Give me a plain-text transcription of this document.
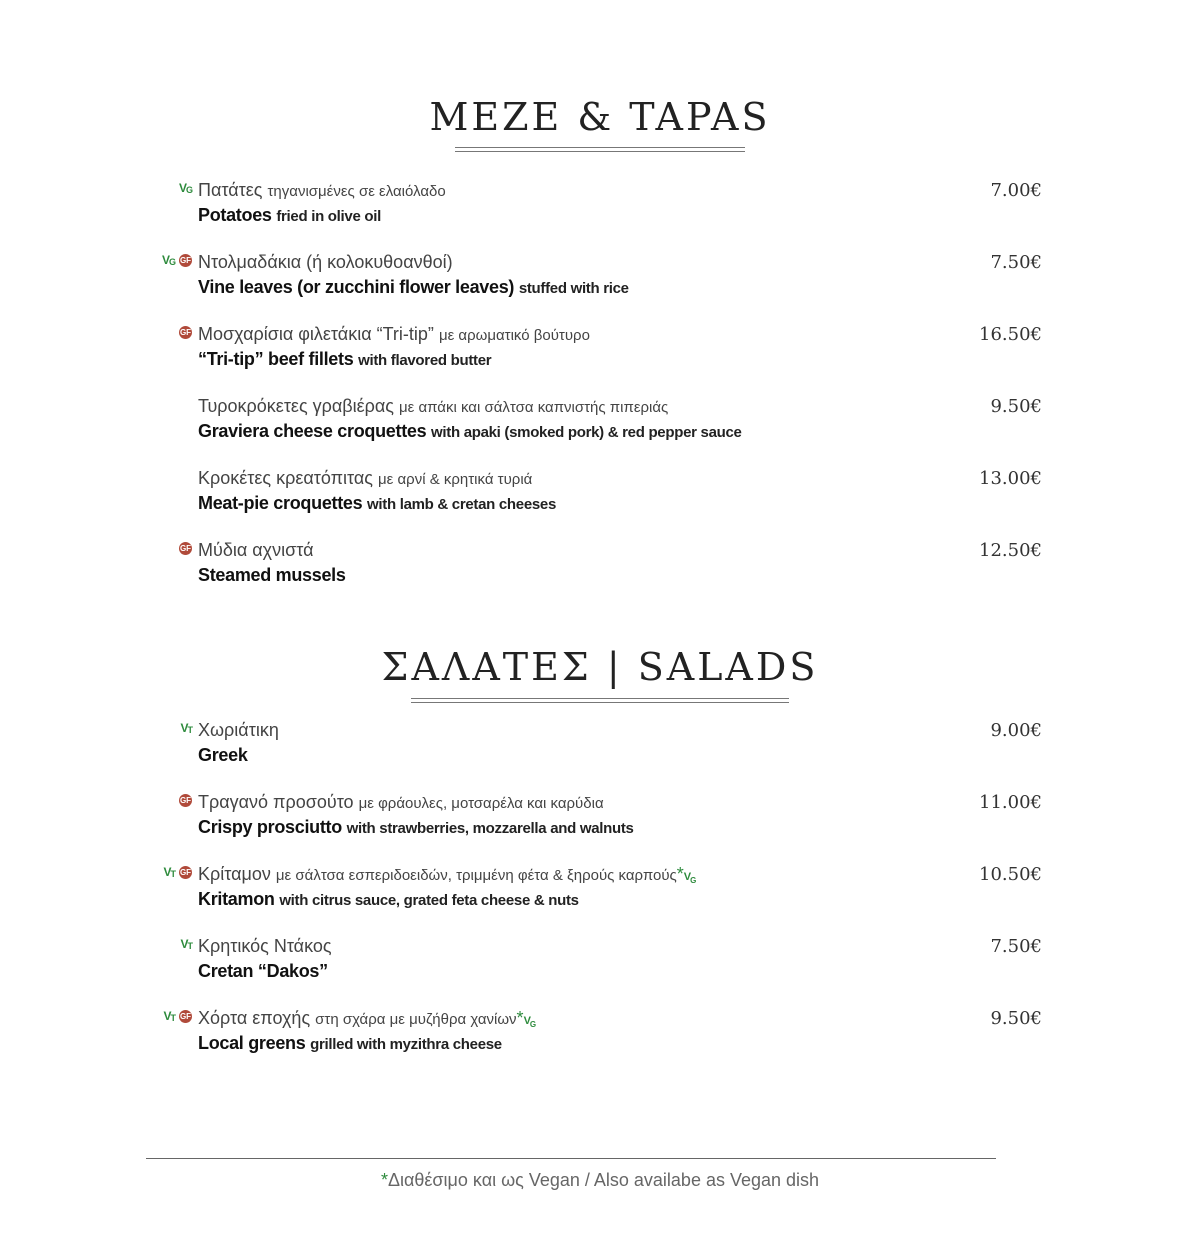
MEZE & TAPAS
$V_G$ Πατάτες τηγανισμένες σε ελαιόλαδο
Potatoes fried in olive oil
7.00€
$V_G$ GF Ντολμαδάκια (ή κολοκυθοανθοί)
Vine leaves (or zucchini flower leaves) stuffed with rice
7.50€
GF Μοσχαρίσια φιλετάκια “Tri-tip” με αρωματικό βούτυρο
“Tri-tip” beef fillets with flavored butter
16.50€
Τυροκρόκετες γραβιέρας με απάκι και σάλτσα καπνιστής πιπεριάς
Graviera cheese croquettes with apaki (smoked pork) & red pepper sauce
9.50€
Κροκέτες κρεατόπιτας με αρνί & κρητικά τυριά
Meat-pie croquettes with lamb & cretan cheeses
13.00€
GF Μύδια αχνιστά
Steamed mussels
12.50€
ΣΑΛΑΤΕΣ | SALADS
$V_T$ Χωριάτικη
Greek
9.00€
GF Τραγανό προσούτο με φράουλες, μοτσαρέλα και καρύδια
Crispy prosciutto with strawberries, mozzarella and walnuts
11.00€
$V_T$ GF Κρίταμον με σάλτσα εσπεριδοειδών, τριμμένη φέτα & ξηρούς $\kappa\alpha\rho\pi oύ\varsigma*V_G$
Kritamon with citrus sauce, grated feta cheese & nuts
10.50€
$V_T$ Κρητικός Ντάκος
Cretan “Dakos”
7.50€
$V_T$ GF Χόρτα εποχής στη σχάρα με μυζήθρα $\chi\alpha\nu ί\omega\nu*V_G$
Local greens grilled with myzithra cheese
9.50€
*Διαθέσιμο και ως Vegan / Also availabe as Vegan dish
